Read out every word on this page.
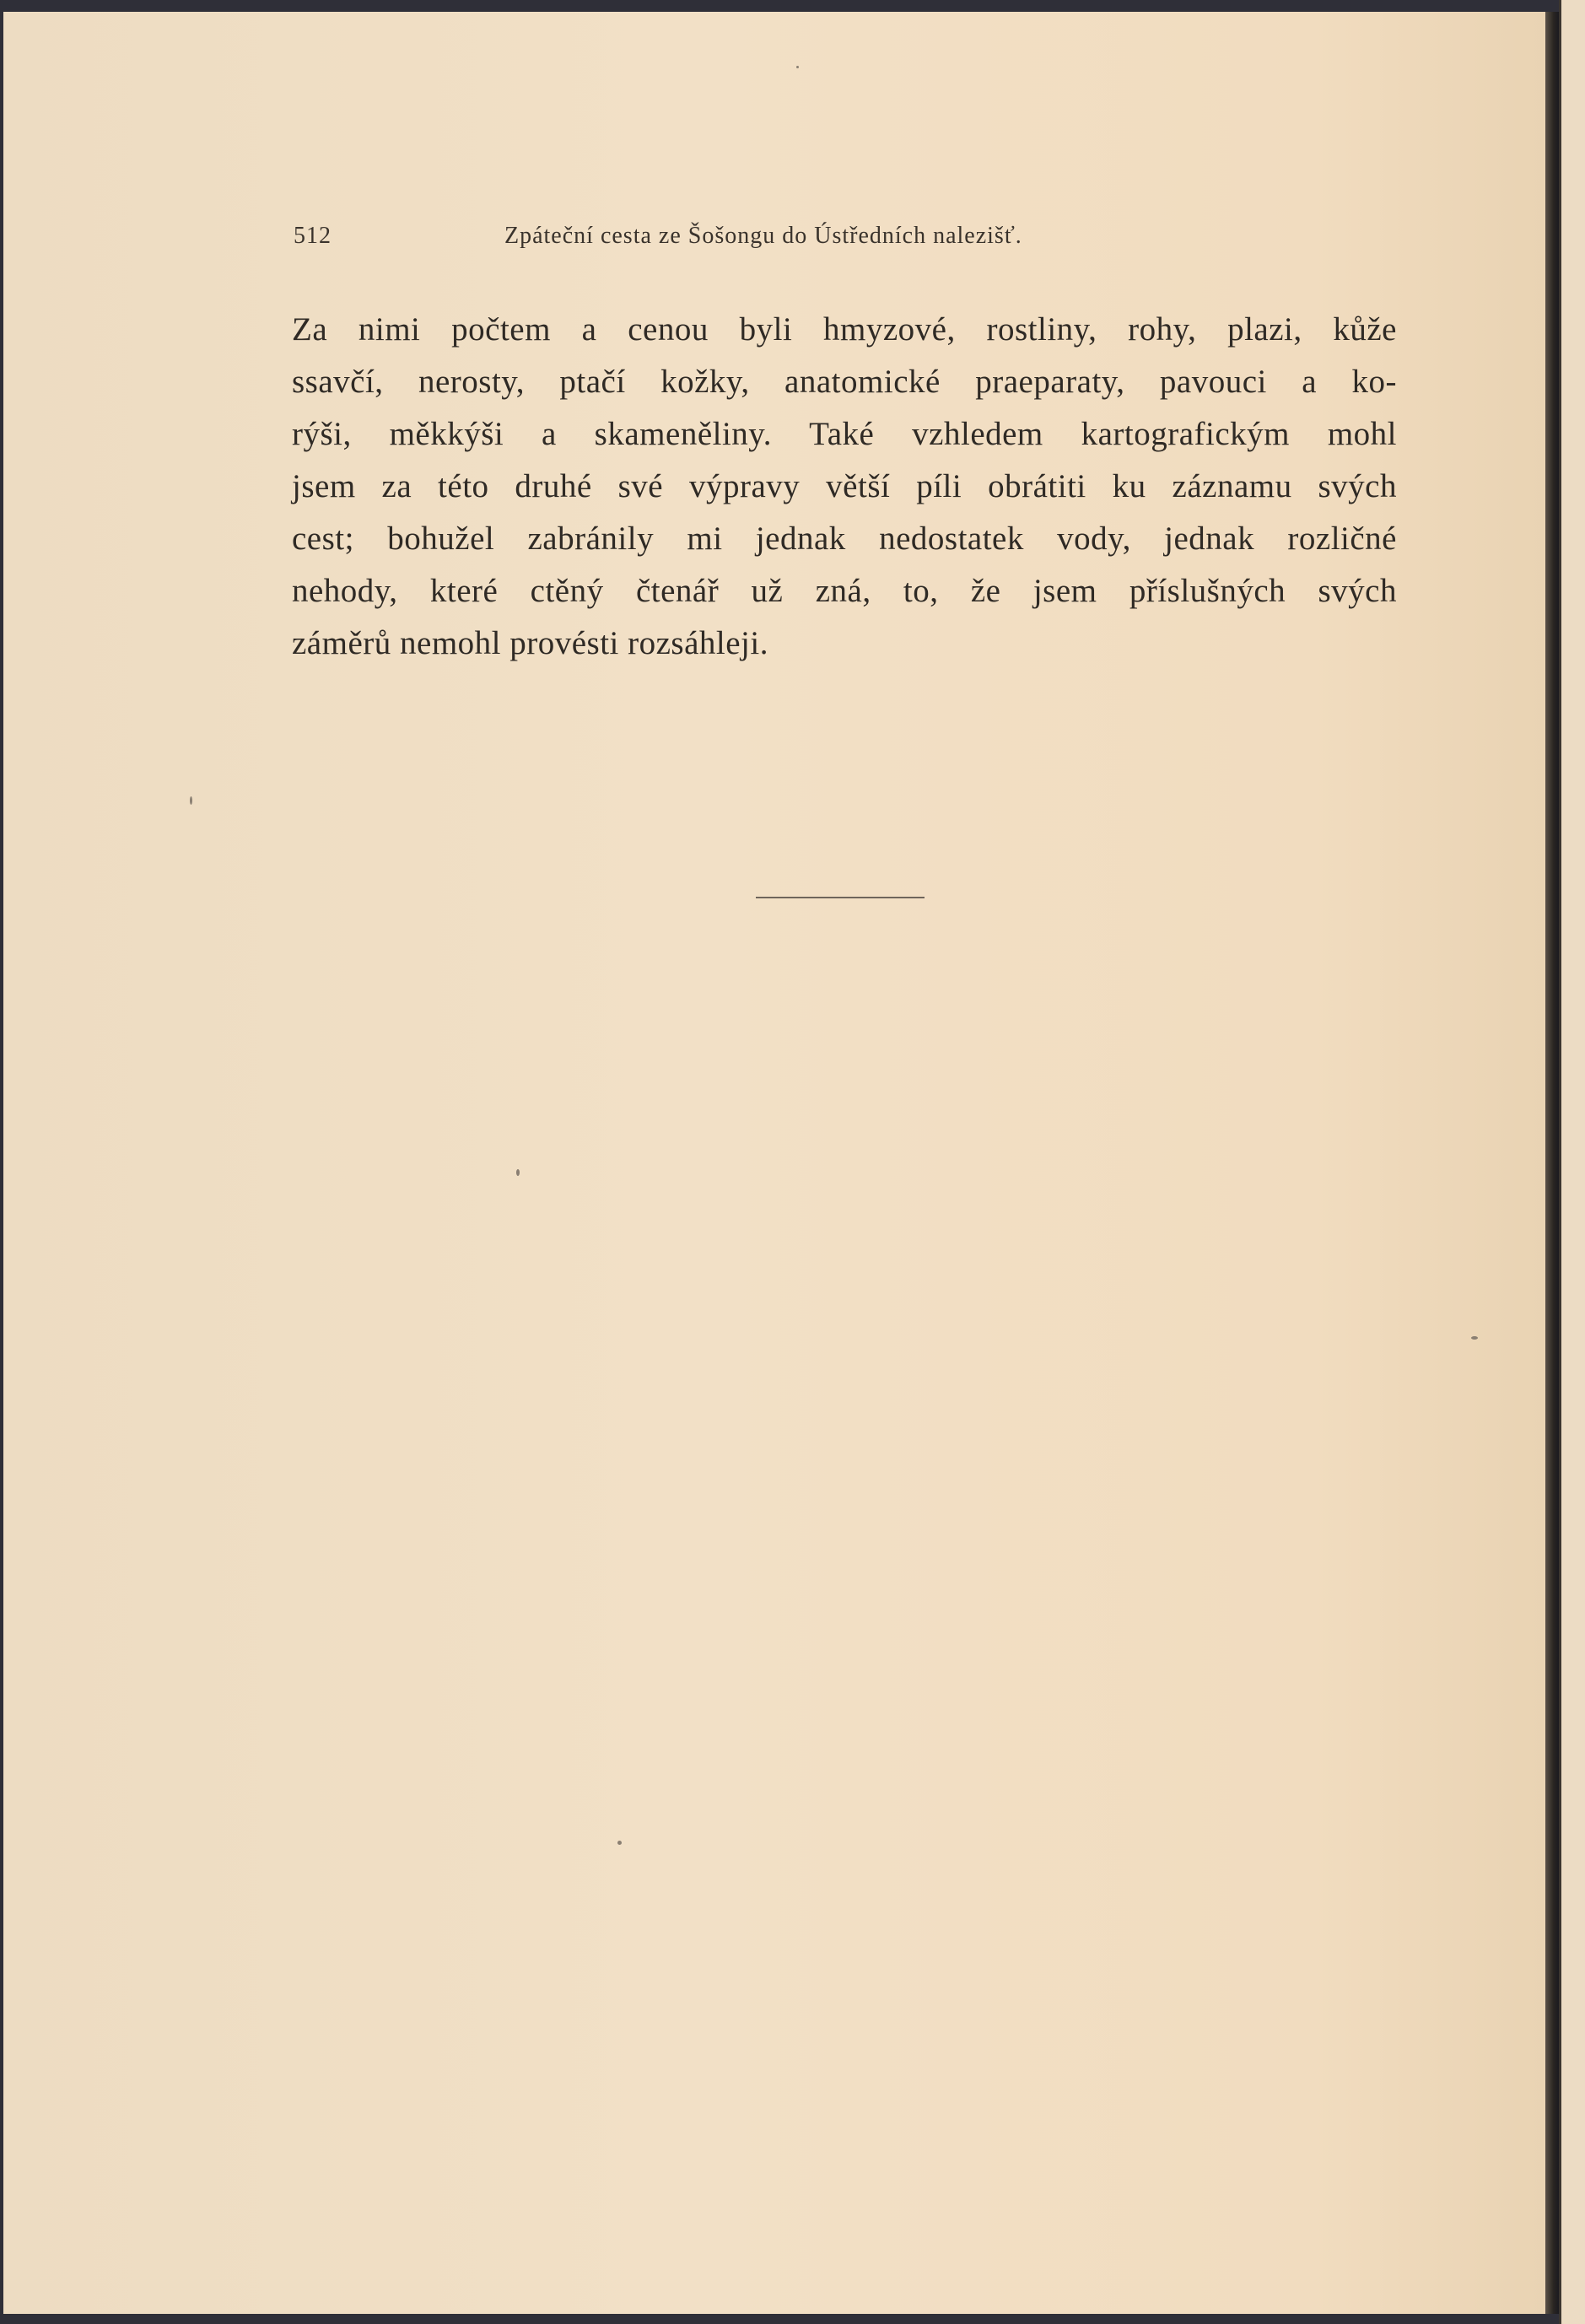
512	Zpáteční cesta ze Šošongu do Ústředních nalezišť.
Za nimi počtem a cenou byli hmyzové, rostliny, rohy, plazi, kůže
ssavčí, nerosty, ptačí kožky, anatomické praeparaty, pavouci a ko-
rýši, měkkýši a skameněliny. Také vzhledem kartografickým mohl
jsem za této druhé své výpravy větší píli obrátiti ku záznamu svých
cest; bohužel zabránily mi jednak nedostatek vody, jednak rozličné
nehody, které ctěný čtenář už zná, to, že jsem příslušných svých
záměrů nemohl provésti rozsáhleji.
